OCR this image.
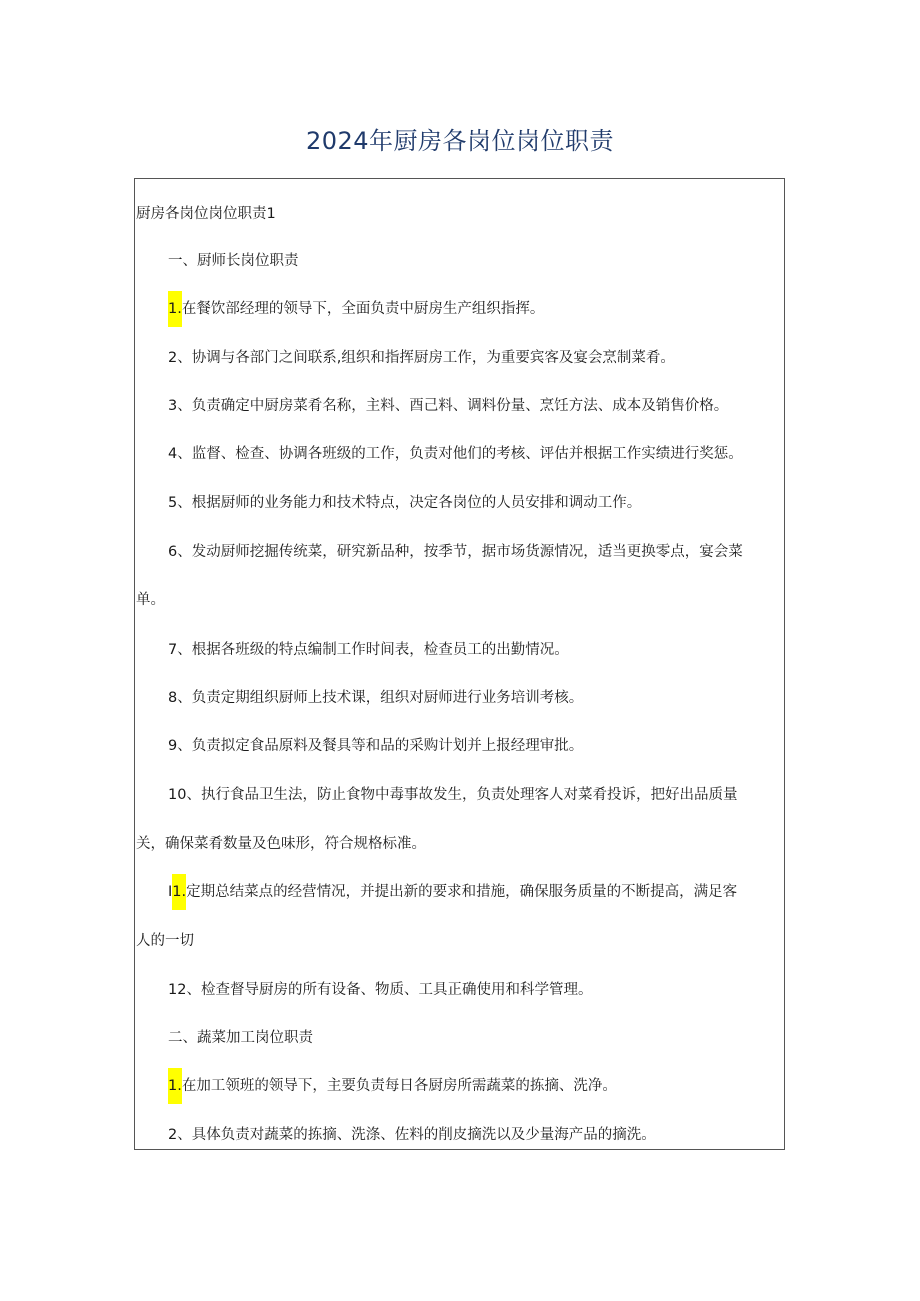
2024年厨房各岗位岗位职责
厨房各岗位岗位职责1
一、厨师长岗位职责
1.在餐饮部经理的领导下，全面负责中厨房生产组织指挥。
2、协调与各部门之间联系,组织和指挥厨房工作，为重要宾客及宴会烹制菜肴。
3、负责确定中厨房菜肴名称，主料、酉己料、调料份量、烹饪方法、成本及销售价格。
4、监督、检查、协调各班级的工作，负责对他们的考核、评估并根据工作实绩进行奖惩。
5、根据厨师的业务能力和技术特点，决定各岗位的人员安排和调动工作。
6、发动厨师挖掘传统菜，研究新品种，按季节，据市场货源情况，适当更换零点，宴会菜
单。
7、根据各班级的特点编制工作时间表，检查员工的出勤情况。
8、负责定期组织厨师上技术课，组织对厨师进行业务培训考核。
9、负责拟定食品原料及餐具等和品的采购计划并上报经理审批。
10、执行食品卫生法，防止食物中毒事故发生，负责处理客人对菜肴投诉，把好出品质量
关，确保菜肴数量及色味形，符合规格标准。
I1.定期总结菜点的经营情况，并提出新的要求和措施，确保服务质量的不断提高，满足客
人的一切
12、检查督导厨房的所有设备、物质、工具正确使用和科学管理。
二、蔬菜加工岗位职责
1.在加工领班的领导下，主要负责每日各厨房所需蔬菜的拣摘、洗净。
2、具体负责对蔬菜的拣摘、洗涤、佐料的削皮摘洗以及少量海产品的摘洗。
